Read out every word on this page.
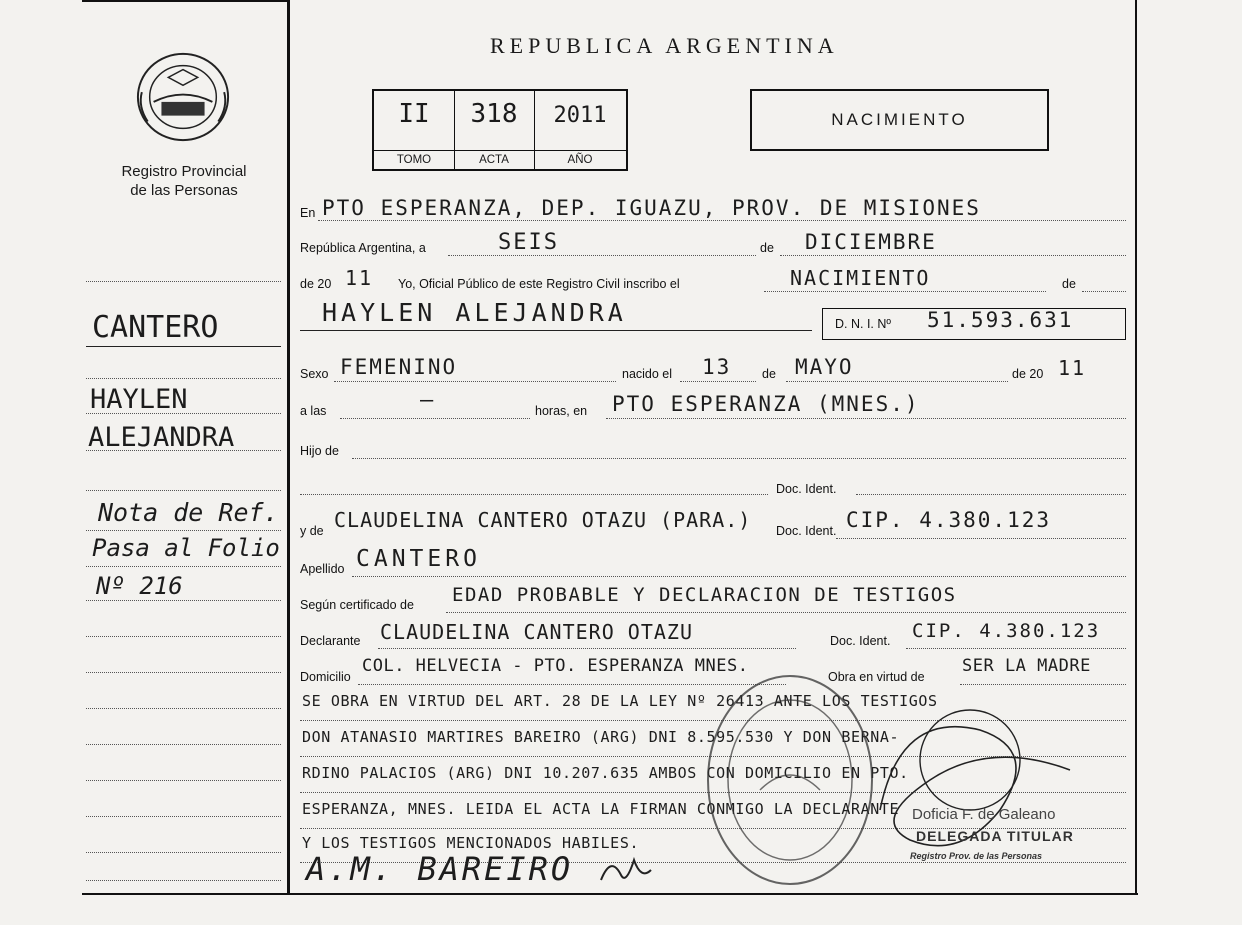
Registro Provincial
de las Personas
REPUBLICA ARGENTINA
II
TOMO
318
ACTA
2011
AÑO
NACIMIENTO
CANTERO
HAYLEN
ALEJANDRA
Nota de Ref.
Pasa al Folio
Nº 216
En PTO ESPERANZA, DEP. IGUAZU, PROV. DE MISIONES
República Argentina, a	SEIS	de DICIEMBRE
de 20 11 Yo, Oficial Público de este Registro Civil inscribo el	NACIMIENTO	de
HAYLEN ALEJANDRA	D. N. I. Nº 51.593.631
Sexo FEMENINO	nacido el 13 de MAYO	de 20 11
a las	—	horas, en PTO ESPERANZA (MNES.)
Hijo de
Doc. Ident.
y de CLAUDELINA CANTERO OTAZU (PARA.) Doc. Ident. CIP. 4.380.123
Apellido CANTERO
Según certificado de EDAD PROBABLE Y DECLARACION DE TESTIGOS
Declarante CLAUDELINA CANTERO OTAZU	Doc. Ident. CIP. 4.380.123
Domicilio
COL. HELVECIA - PTO. ESPERANZA MNES.
Obra en virtud de
SER LA MADRE
SE OBRA EN VIRTUD DEL ART. 28 DE LA LEY Nº 26413 ANTE LOS TESTIGOS
DON ATANASIO MARTIRES BAREIRO (ARG) DNI 8.595.530 Y DON BERNA-
RDINO PALACIOS (ARG) DNI 10.207.635 AMBOS CON DOMICILIO EN PTO.
ESPERANZA, MNES. LEIDA EL ACTA LA FIRMAN CONMIGO LA DECLARANTE
Y LOS TESTIGOS MENCIONADOS HABILES.
A.M. BAREIRO
Doficia F. de Galeano
DELEGADA TITULAR
Registro Prov. de las Personas
